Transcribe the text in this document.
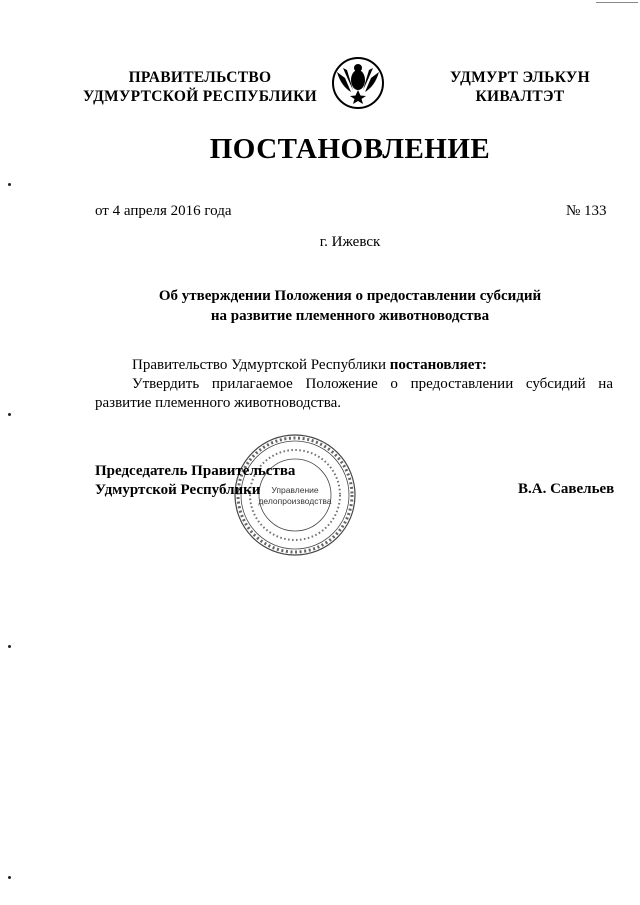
ПРАВИТЕЛЬСТВО
УДМУРТСКОЙ РЕСПУБЛИКИ
УДМУРТ ЭЛЬКУН
КИВАЛТЭТ
ПОСТАНОВЛЕНИЕ
от 4 апреля 2016 года	№ 133
г. Ижевск
Об утверждении Положения о предоставлении субсидий
на развитие племенного животноводства
Правительство Удмуртской Республики постановляет:
Утвердить прилагаемое Положение о предоставлении субсидий на развитие племенного животноводства.
Управление
делопроизводства
Председатель Правительства
Удмуртской Республики	В.А. Савельев
